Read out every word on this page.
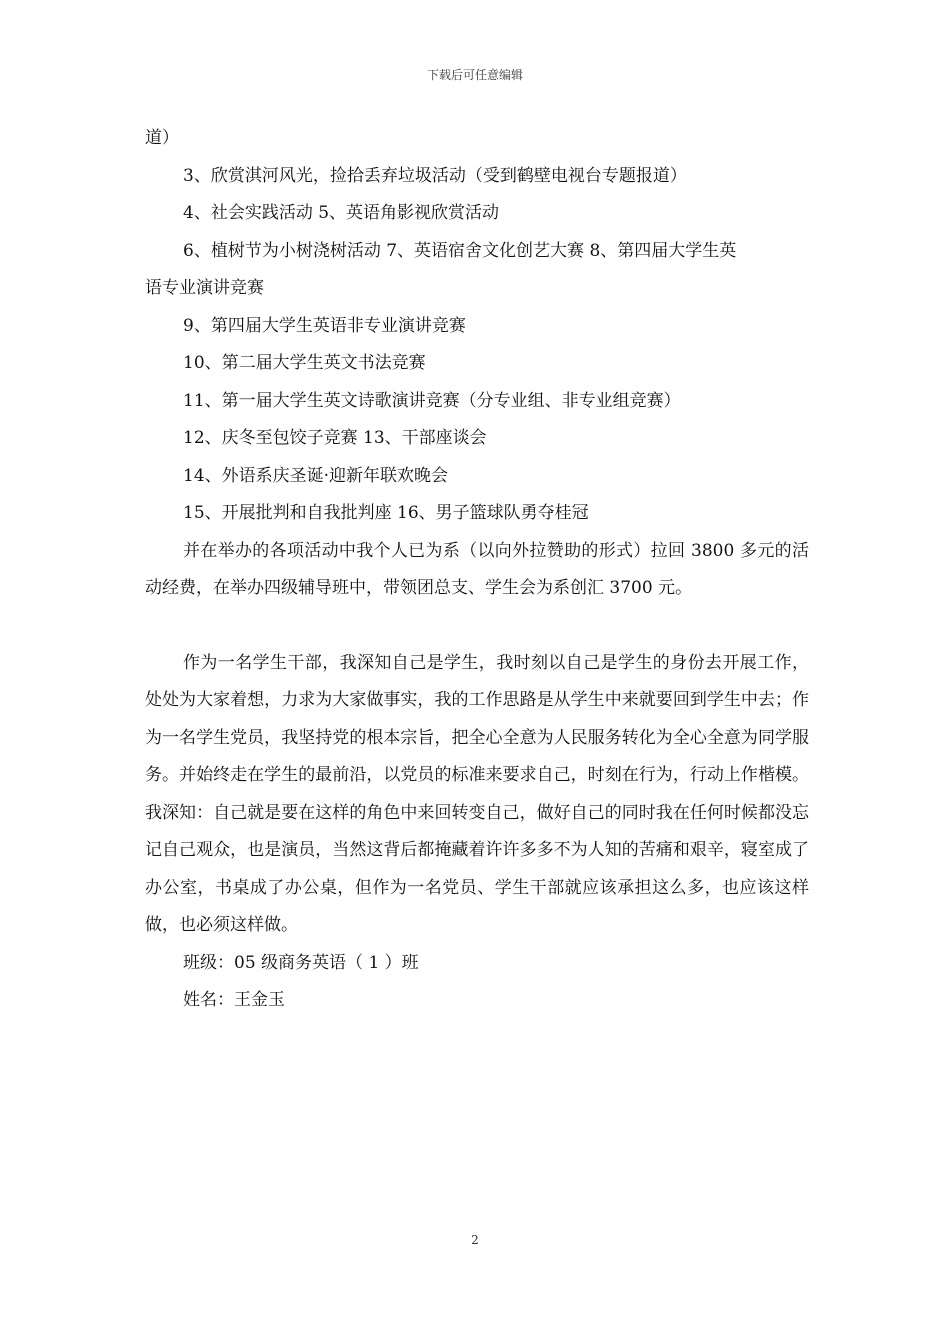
下载后可任意编辑
道）
3、欣赏淇河风光，捡拾丢弃垃圾活动（受到鹤壁电视台专题报道）
4、社会实践活动 5、英语角影视欣赏活动
6、植树节为小树浇树活动 7、英语宿舍文化创艺大赛 8、第四届大学生英
语专业演讲竞赛
9、第四届大学生英语非专业演讲竞赛
10、第二届大学生英文书法竞赛
11、第一届大学生英文诗歌演讲竞赛（分专业组、非专业组竞赛）
12、庆冬至包饺子竞赛 13、干部座谈会
14、外语系庆圣诞·迎新年联欢晚会
15、开展批判和自我批判座 16、男子篮球队勇夺桂冠
并在举办的各项活动中我个人已为系（以向外拉赞助的形式）拉回 3800 多元的活动经费，在举办四级辅导班中，带领团总支、学生会为系创汇 3700 元。
作为一名学生干部，我深知自己是学生，我时刻以自己是学生的身份去开展工作，处处为大家着想，力求为大家做事实，我的工作思路是从学生中来就要回到学生中去；作为一名学生党员，我坚持党的根本宗旨，把全心全意为人民服务转化为全心全意为同学服务。并始终走在学生的最前沿，以党员的标准来要求自己，时刻在行为，行动上作楷模。我深知：自己就是要在这样的角色中来回转变自己，做好自己的同时我在任何时候都没忘记自己观众，也是演员，当然这背后都掩藏着许许多多不为人知的苦痛和艰辛，寝室成了办公室，书桌成了办公桌，但作为一名党员、学生干部就应该承担这么多，也应该这样做，也必须这样做。
班级：05 级商务英语（ 1 ）班
姓名：王金玉
2
